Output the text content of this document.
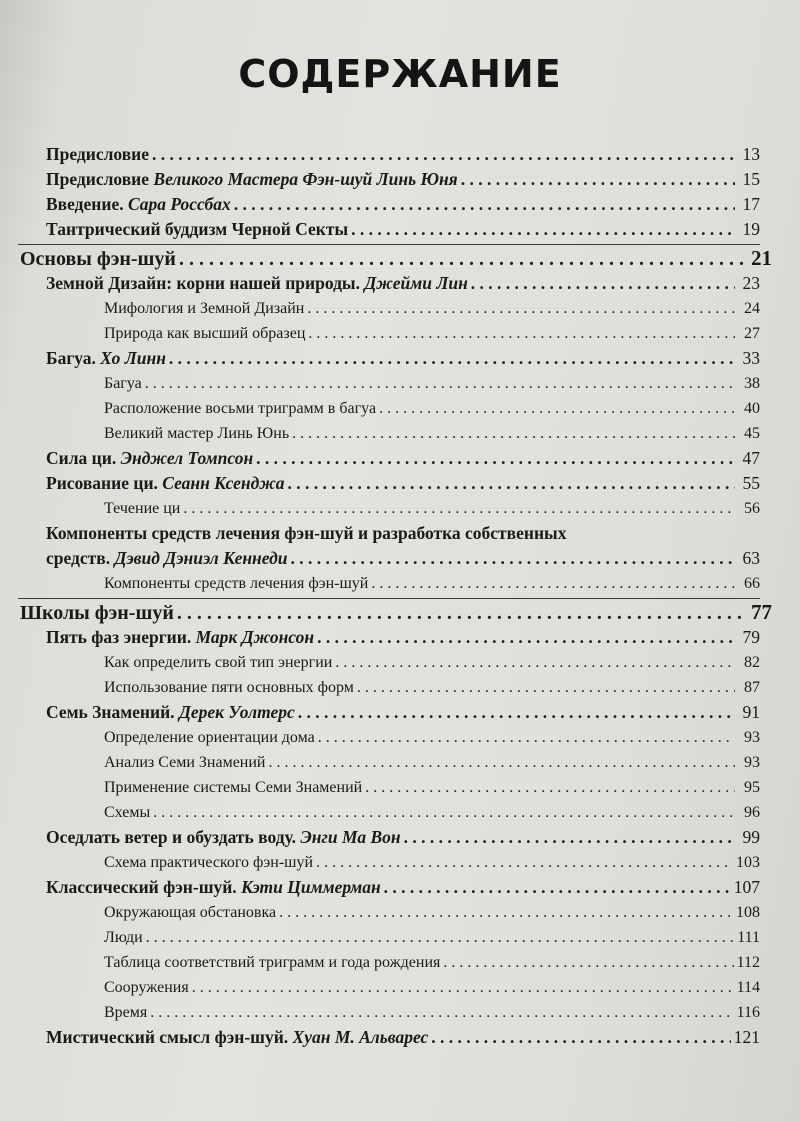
СОДЕРЖАНИЕ
Предисловие . . .	13
Предисловие Великого Мастера Фэн-шуй Линь Юня . . .	15
Введение. Сара Россбах . . .	17
Тантрический буддизм Черной Секты . . .	19
Основы фэн-шуй . . .	21
Земной Дизайн: корни нашей природы. Джейми Лин . . .	23
Мифология и Земной Дизайн . . .	24
Природа как высший образец . . .	27
Багуа. Хо Линн . . .	33
Багуа . . .	38
Расположение восьми триграмм в багуа . . .	40
Великий мастер Линь Юнь . . .	45
Сила ци. Энджел Томпсон . . .	47
Рисование ци. Сеанн Ксенджа . . .	55
Течение ци . . .	56
Компоненты средств лечения фэн-шуй и разработка собственных
средств. Дэвид Дэниэл Кеннеди . . .	63
Компоненты средств лечения фэн-шуй . . .	66
Школы фэн-шуй . . .	77
Пять фаз энергии. Марк Джонсон . . .	79
Как определить свой тип энергии . . .	82
Использование пяти основных форм . . .	87
Семь Знамений. Дерек Уолтерс . . .	91
Определение ориентации дома . . .	93
Анализ Семи Знамений . . .	93
Применение системы Семи Знамений . . .	95
Схемы . . .	96
Оседлать ветер и обуздать воду. Энги Ма Вон . . .	99
Схема практического фэн-шуй . . .	103
Классический фэн-шуй. Кэти Циммерман . . .	107
Окружающая обстановка . . .	108
Люди . . .	111
Таблица соответствий триграмм и года рождения . . .	112
Сооружения . . .	114
Время . . .	116
Мистический смысл фэн-шуй. Хуан М. Альварес . . .	121
